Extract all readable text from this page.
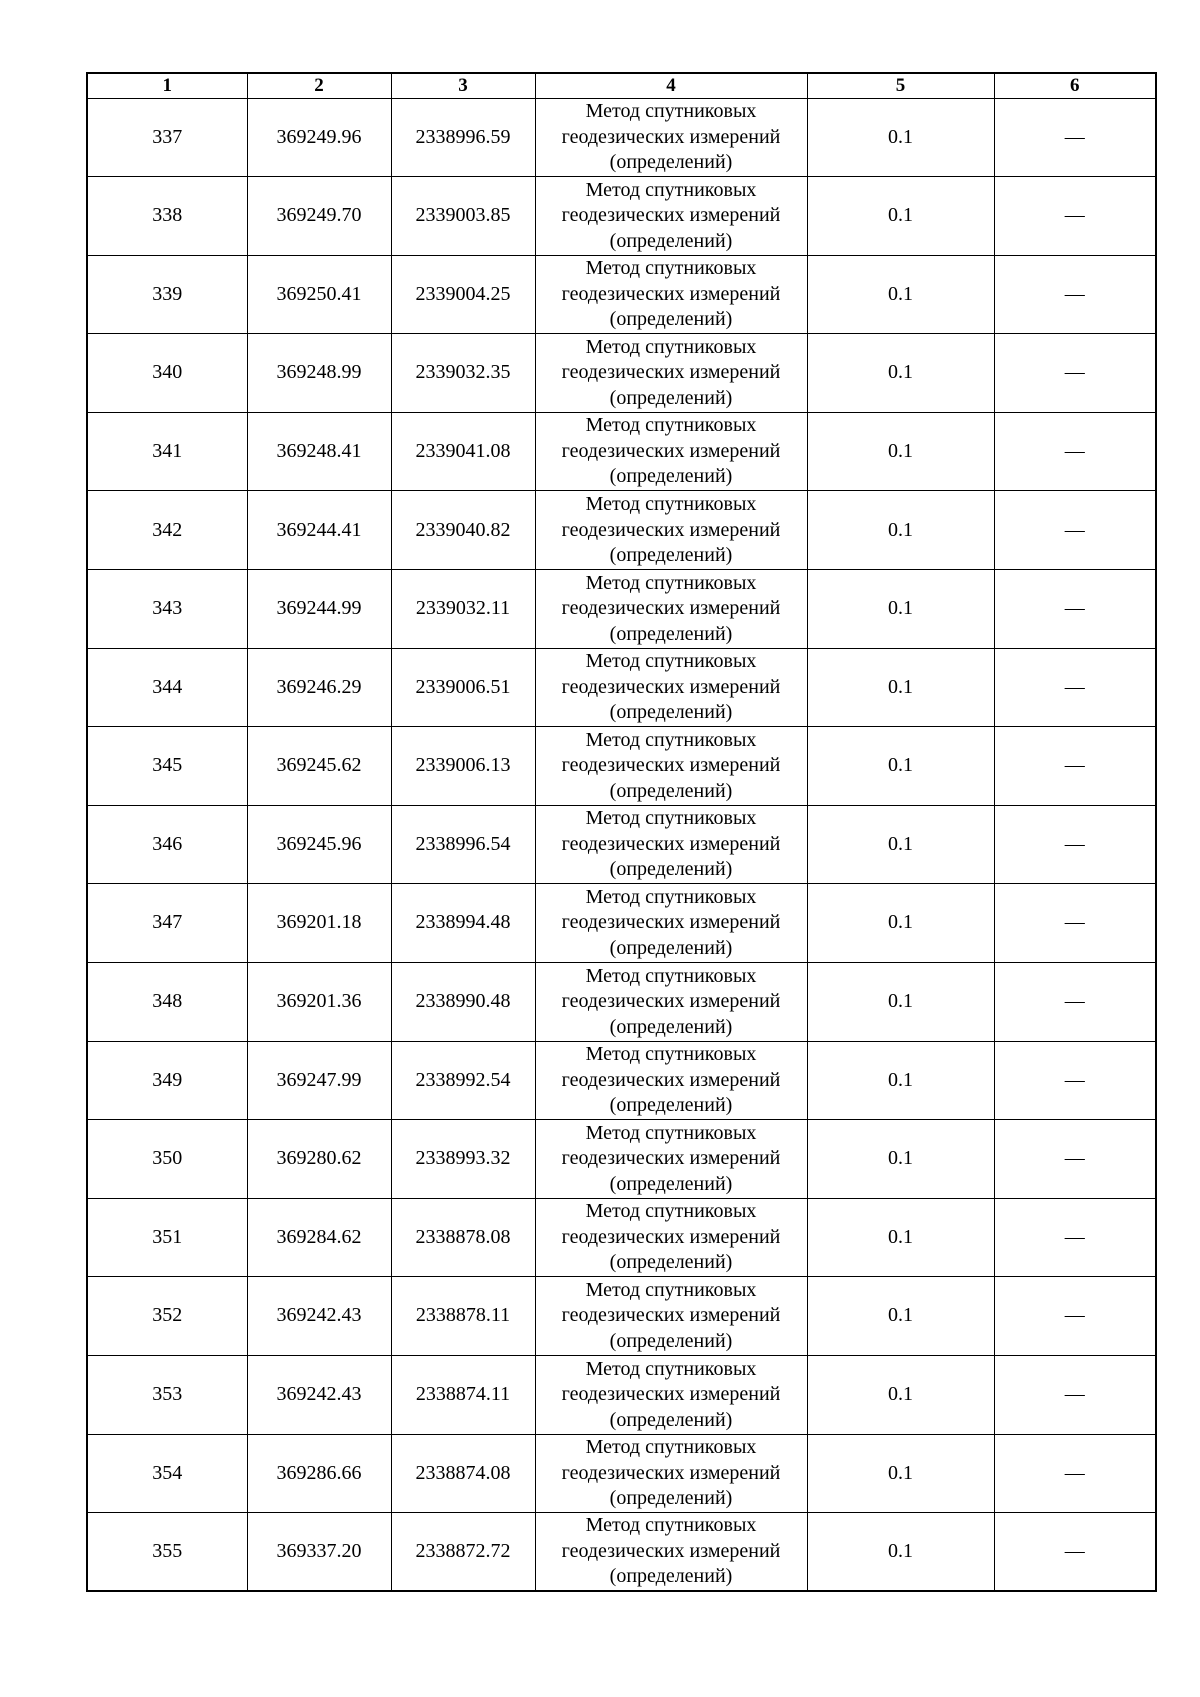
1	2	3	4	5	6
337	369249.96	2338996.59	Метод спутниковых
геодезических измерений
(определений)	0.1	—
338	369249.70	2339003.85	Метод спутниковых
геодезических измерений
(определений)	0.1	—
339	369250.41	2339004.25	Метод спутниковых
геодезических измерений
(определений)	0.1	—
340	369248.99	2339032.35	Метод спутниковых
геодезических измерений
(определений)	0.1	—
341	369248.41	2339041.08	Метод спутниковых
геодезических измерений
(определений)	0.1	—
342	369244.41	2339040.82	Метод спутниковых
геодезических измерений
(определений)	0.1	—
343	369244.99	2339032.11	Метод спутниковых
геодезических измерений
(определений)	0.1	—
344	369246.29	2339006.51	Метод спутниковых
геодезических измерений
(определений)	0.1	—
345	369245.62	2339006.13	Метод спутниковых
геодезических измерений
(определений)	0.1	—
346	369245.96	2338996.54	Метод спутниковых
геодезических измерений
(определений)	0.1	—
347	369201.18	2338994.48	Метод спутниковых
геодезических измерений
(определений)	0.1	—
348	369201.36	2338990.48	Метод спутниковых
геодезических измерений
(определений)	0.1	—
349	369247.99	2338992.54	Метод спутниковых
геодезических измерений
(определений)	0.1	—
350	369280.62	2338993.32	Метод спутниковых
геодезических измерений
(определений)	0.1	—
351	369284.62	2338878.08	Метод спутниковых
геодезических измерений
(определений)	0.1	—
352	369242.43	2338878.11	Метод спутниковых
геодезических измерений
(определений)	0.1	—
353	369242.43	2338874.11	Метод спутниковых
геодезических измерений
(определений)	0.1	—
354	369286.66	2338874.08	Метод спутниковых
геодезических измерений
(определений)	0.1	—
355	369337.20	2338872.72	Метод спутниковых
геодезических измерений
(определений)	0.1	—
